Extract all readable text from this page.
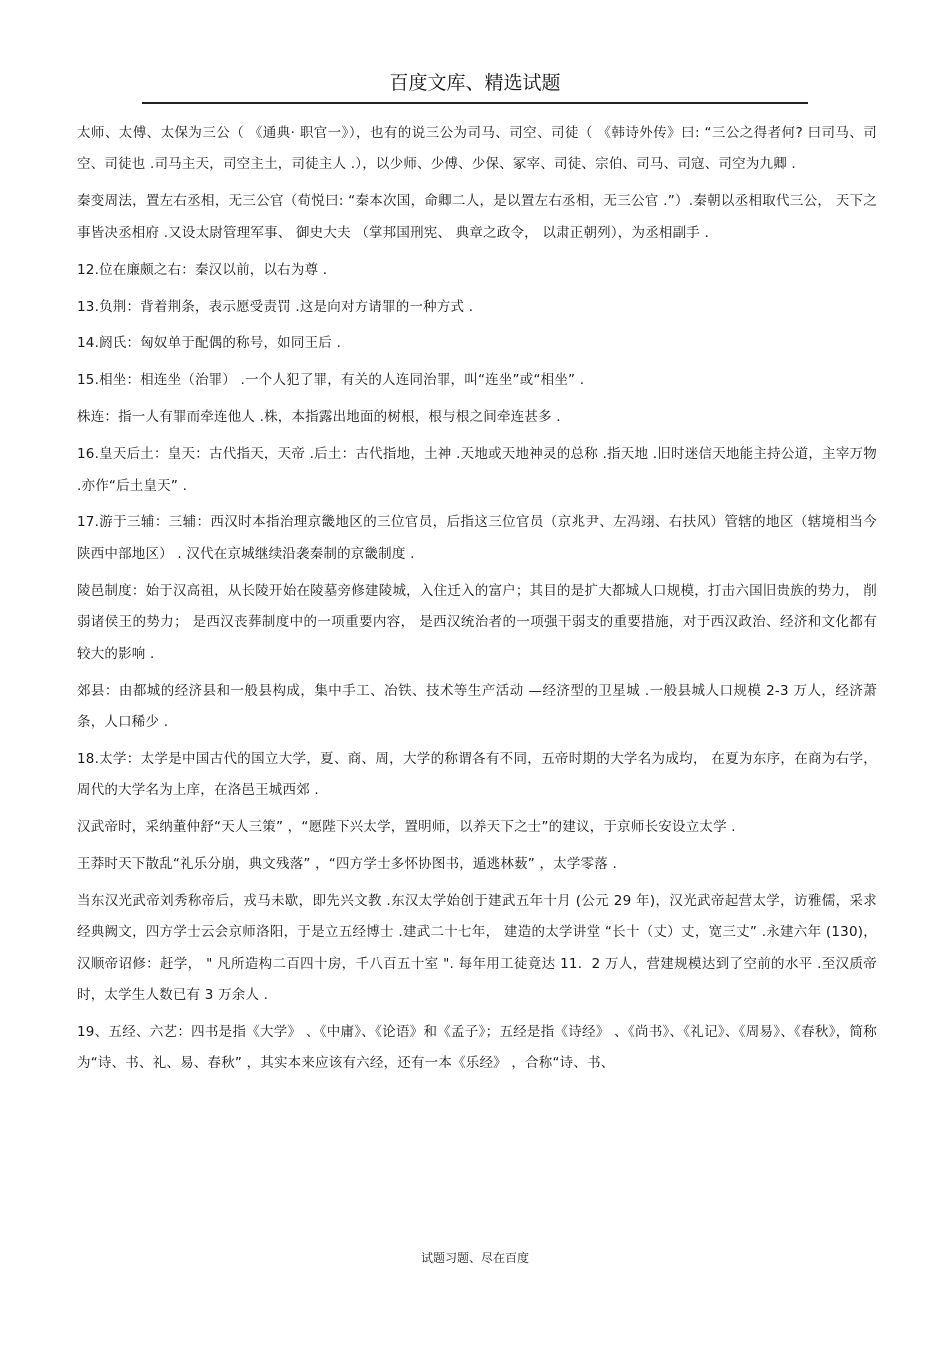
百度文库、精选试题

太师、太傅、太保为三公（ 《通典· 职官一》），也有的说三公为司马、司空、司徒（ 《韩诗外传》曰: “三公之得者何? 曰司马、司空、司徒也 .司马主天，司空主土，司徒主人 .），以少师、少傅、少保、冢宰、司徒、宗伯、司马、司寇、司空为九卿 .

秦变周法，置左右丞相，无三公官（荀悦曰: “秦本次国，命卿二人，是以置左右丞相，无三公官 .”）.秦朝以丞相取代三公， 天下之事皆决丞相府 .又设太尉管理军事、 御史大夫 （掌邦国刑宪、 典章之政令， 以肃正朝列），为丞相副手 .

12.位在廉颇之右：秦汉以前，以右为尊 .

13.负荆：背着荆条，表示愿受责罚 .这是向对方请罪的一种方式 .

14.阏氏：匈奴单于配偶的称号，如同王后 .

15.相坐：相连坐（治罪） .一个人犯了罪，有关的人连同治罪，叫“连坐”或“相坐” .

株连：指一人有罪而牵连他人 .株，本指露出地面的树根，根与根之间牵连甚多 .

16.皇天后土：皇天：古代指天，天帝 .后土：古代指地，土神 .天地或天地神灵的总称 .指天地 .旧时迷信天地能主持公道，主宰万物 .亦作“后土皇天” .

17.游于三辅：三辅：西汉时本指治理京畿地区的三位官员，后指这三位官员（京兆尹、左冯翊、右扶风）管辖的地区（辖境相当今陕西中部地区） . 汉代在京城继续沿袭秦制的京畿制度 .

陵邑制度：始于汉高祖，从长陵开始在陵墓旁修建陵城，入住迁入的富户；其目的是扩大都城人口规模，打击六国旧贵族的势力， 削弱诸侯王的势力； 是西汉丧葬制度中的一项重要内容， 是西汉统治者的一项强干弱支的重要措施，对于西汉政治、经济和文化都有较大的影响 .

郊县：由都城的经济县和一般县构成，集中手工、冶铁、技术等生产活动 —经济型的卫星城 .一般县城人口规模 2-3 万人，经济萧条，人口稀少 .

18.太学：太学是中国古代的国立大学，夏、商、周，大学的称谓各有不同，五帝时期的大学名为成均， 在夏为东序，在商为右学，周代的大学名为上庠，在洛邑王城西郊 .

汉武帝时，采纳董仲舒“天人三策” ，“愿陛下兴太学，置明师，以养天下之士”的建议，于京师长安设立太学 .

王莽时天下散乱“礼乐分崩，典文残落” ，“四方学士多怀协图书，遁逃林薮” ，太学零落 .

当东汉光武帝刘秀称帝后，戎马未歇，即先兴文教 .东汉太学始创于建武五年十月 (公元 29 年)，汉光武帝起营太学，访雅儒，采求经典阙文，四方学士云会京师洛阳，于是立五经博士 .建武二十七年， 建造的太学讲堂 “长十（丈）丈，宽三丈” .永建六年 (130)，汉顺帝诏修：赶学， " 凡所造构二百四十房，千八百五十室 ". 每年用工徒竟达 11．2 万人，营建规模达到了空前的水平 .至汉质帝时，太学生人数已有 3 万余人 .

19、五经、六艺：四书是指《大学》 、《中庸》、《论语》和《孟子》；五经是指《诗经》 、《尚书》、《礼记》、《周易》、《春秋》，简称为“诗、书、礼、易、春秋” ，其实本来应该有六经，还有一本《乐经》 ，合称“诗、书、

试题习题、尽在百度
